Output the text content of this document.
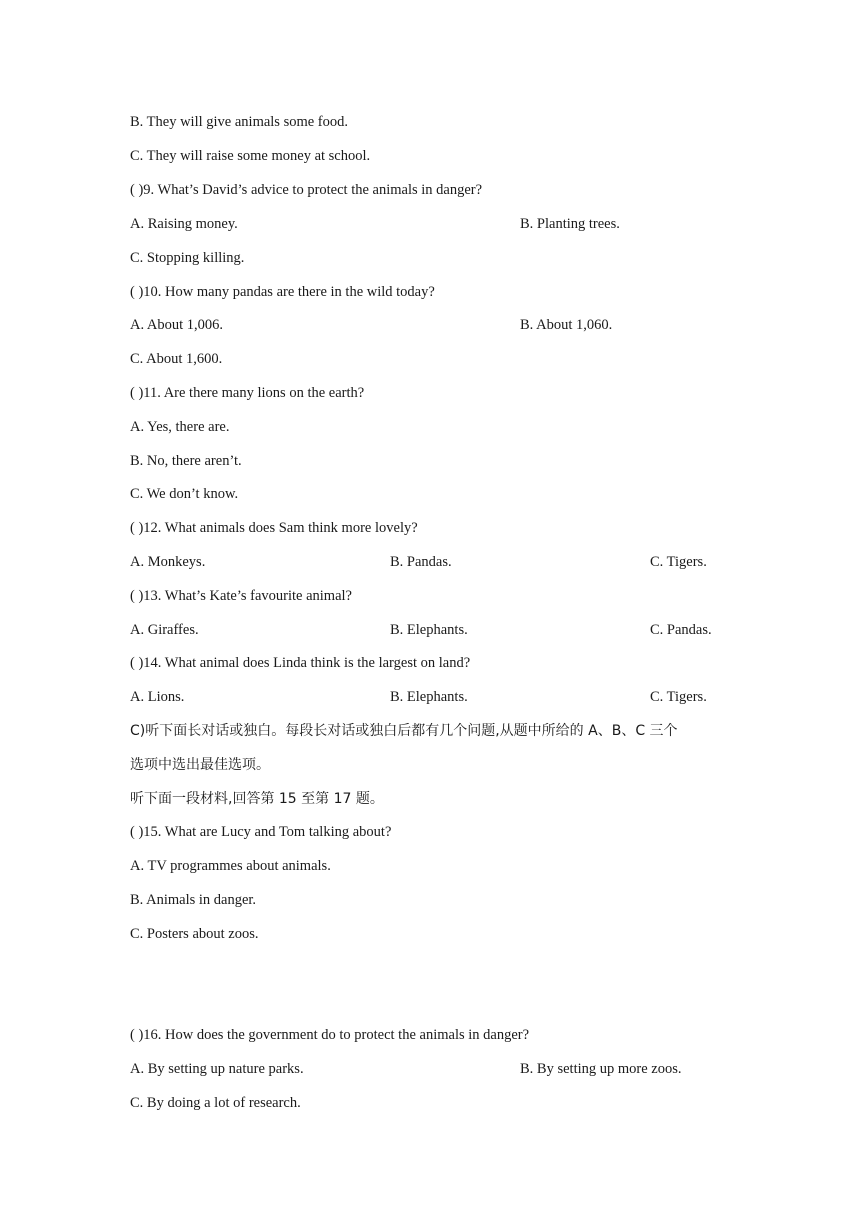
B. They will give animals some food.
C. They will raise some money at school.
( )9. What’s David’s advice to protect the animals in danger?
A. Raising money.	B. Planting trees.
C. Stopping killing.
( )10. How many pandas are there in the wild today?
A. About 1,006.	B. About 1,060.
C. About 1,600.
( )11. Are there many lions on the earth?
A. Yes, there are.
B. No, there aren’t.
C. We don’t know.
( )12. What animals does Sam think more lovely?
A. Monkeys.	B. Pandas.	C. Tigers.
( )13. What’s Kate’s favourite animal?
A. Giraffes.	B. Elephants.	C. Pandas.
( )14. What animal does Linda think is the largest on land?
A. Lions.	B. Elephants.	C. Tigers.
C)听下面长对话或独白。每段长对话或独白后都有几个问题,从题中所给的 A、B、C 三个
选项中选出最佳选项。
听下面一段材料,回答第 15 至第 17 题。
( )15. What are Lucy and Tom talking about?
A. TV programmes about animals.
B. Animals in danger.
C. Posters about zoos.
( )16. How does the government do to protect the animals in danger?
A. By setting up nature parks.	B. By setting up more zoos.
C. By doing a lot of research.
